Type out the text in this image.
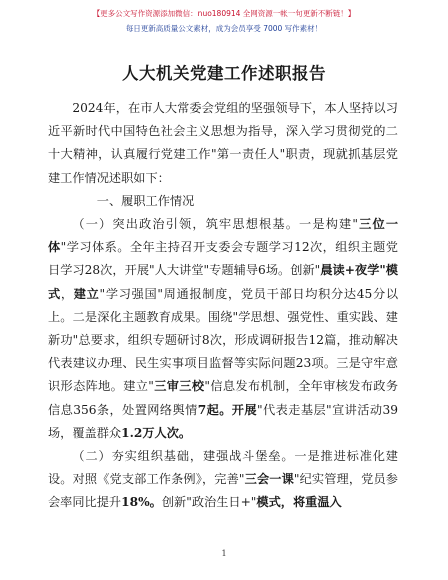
【更多公文写作资源添加微信：nuo180914 全网资源一帐一句更新不断链！】
每日更新高质量公文素材，成为会员享受 7000 写作素材！
人大机关党建工作述职报告

2024年，在市人大常委会党组的坚强领导下，本人坚持以习近平新时代中国特色社会主义思想为指导，深入学习贯彻党的二十大精神，认真履行党建工作"第一责任人"职责，现就抓基层党建工作情况述职如下：

一、履职工作情况

（一）突出政治引领，筑牢思想根基。一是构建"三位一体"学习体系。全年主持召开支委会专题学习12次，组织主题党日学习28次，开展"人大讲堂"专题辅导6场。创新"晨读+夜学"模式，建立"学习强国"周通报制度，党员干部日均积分达45分以上。二是深化主题教育成果。围绕"学思想、强党性、重实践、建新功"总要求，组织专题研讨8次，形成调研报告12篇，推动解决代表建议办理、民生实事项目监督等实际问题23项。三是守牢意识形态阵地。建立"三审三校"信息发布机制，全年审核发布政务信息356条，处置网络舆情7起。开展"代表走基层"宣讲活动39场，覆盖群众1.2万人次。

（二）夯实组织基础，建强战斗堡垒。一是推进标准化建设。对照《党支部工作条例》，完善"三会一课"纪实管理，党员参会率同比提升18%。创新"政治生日+"模式，将重温入

1
